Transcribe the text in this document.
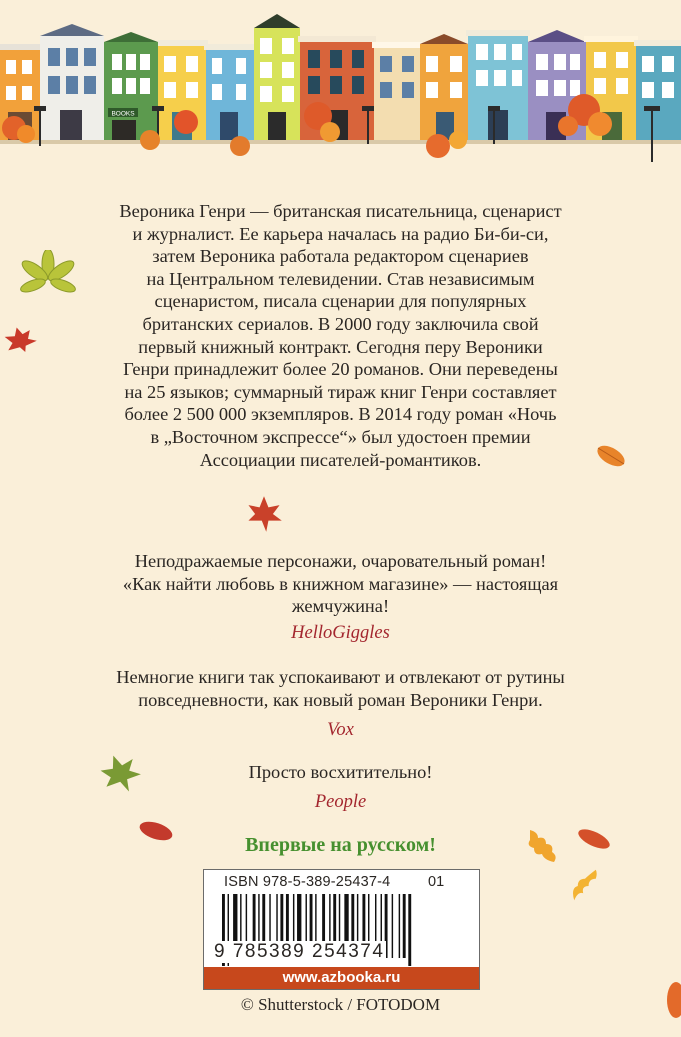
BOOKS

Вероника Генри — британская писательница, сценарист
и журналист. Ее карьера началась на радио Би-би-си,
затем Вероника работала редактором сценариев
на Центральном телевидении. Став независимым
сценаристом, писала сценарии для популярных
британских сериалов. В 2000 году заключила свой
первый книжный контракт. Сегодня перу Вероники
Генри принадлежит более 20 романов. Они переведены
на 25 языков; суммарный тираж книг Генри составляет
более 2 500 000 экземпляров. В 2014 году роман «Ночь
в „Восточном экспрессе“» был удостоен премии
Ассоциации писателей-романтиков.

Неподражаемые персонажи, очаровательный роман!
«Как найти любовь в книжном магазине» — настоящая
жемчужина!

HelloGiggles

Немногие книги так успокаивают и отвлекают от рутины
повседневности, как новый роман Вероники Генри.

Vox

Просто восхитительно!

People

Впервые на русском!

ISBN 978-5-389-25437-4	01
9 785389 254374
www.azbooka.ru

© Shutterstock / FOTODOM
